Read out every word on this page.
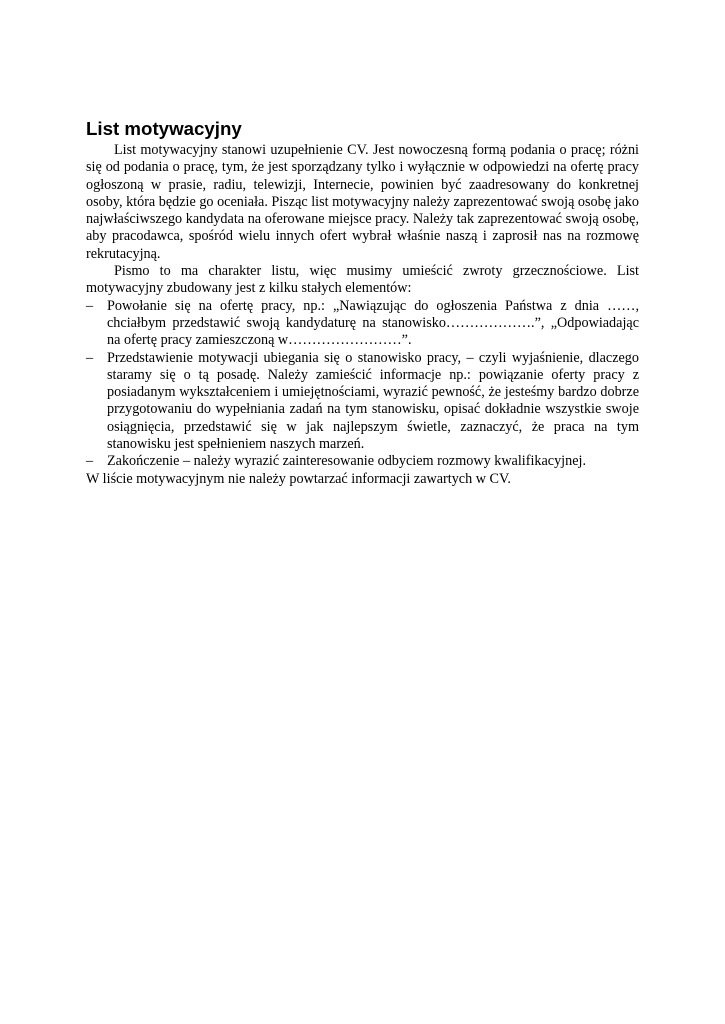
List motywacyjny

List motywacyjny stanowi uzupełnienie CV. Jest nowoczesną formą podania o pracę; różni się od podania o pracę, tym, że jest sporządzany tylko i wyłącznie w odpowiedzi na ofertę pracy ogłoszoną w prasie, radiu, telewizji, Internecie, powinien być zaadresowany do konkretnej osoby, która będzie go oceniała. Pisząc list motywacyjny należy zaprezentować swoją osobę jako najwłaściwszego kandydata na oferowane miejsce pracy. Należy tak zaprezentować swoją osobę, aby pracodawca, spośród wielu innych ofert wybrał właśnie naszą i zaprosił nas na rozmowę rekrutacyjną.

Pismo to ma charakter listu, więc musimy umieścić zwroty grzecznościowe. List motywacyjny zbudowany jest z kilku stałych elementów:

– Powołanie się na ofertę pracy, np.: „Nawiązując do ogłoszenia Państwa z dnia ……, chciałbym przedstawić swoją kandydaturę na stanowisko……………….”, „Odpowiadając na ofertę pracy zamieszczoną w……………………”.
– Przedstawienie motywacji ubiegania się o stanowisko pracy, – czyli wyjaśnienie, dlaczego staramy się o tą posadę. Należy zamieścić informacje np.: powiązanie oferty pracy z posiadanym wykształceniem i umiejętnościami, wyrazić pewność, że jesteśmy bardzo dobrze przygotowaniu do wypełniania zadań na tym stanowisku, opisać dokładnie wszystkie swoje osiągnięcia, przedstawić się w jak najlepszym świetle, zaznaczyć, że praca na tym stanowisku jest spełnieniem naszych marzeń.
– Zakończenie – należy wyrazić zainteresowanie odbyciem rozmowy kwalifikacyjnej.

W liście motywacyjnym nie należy powtarzać informacji zawartych w CV.
